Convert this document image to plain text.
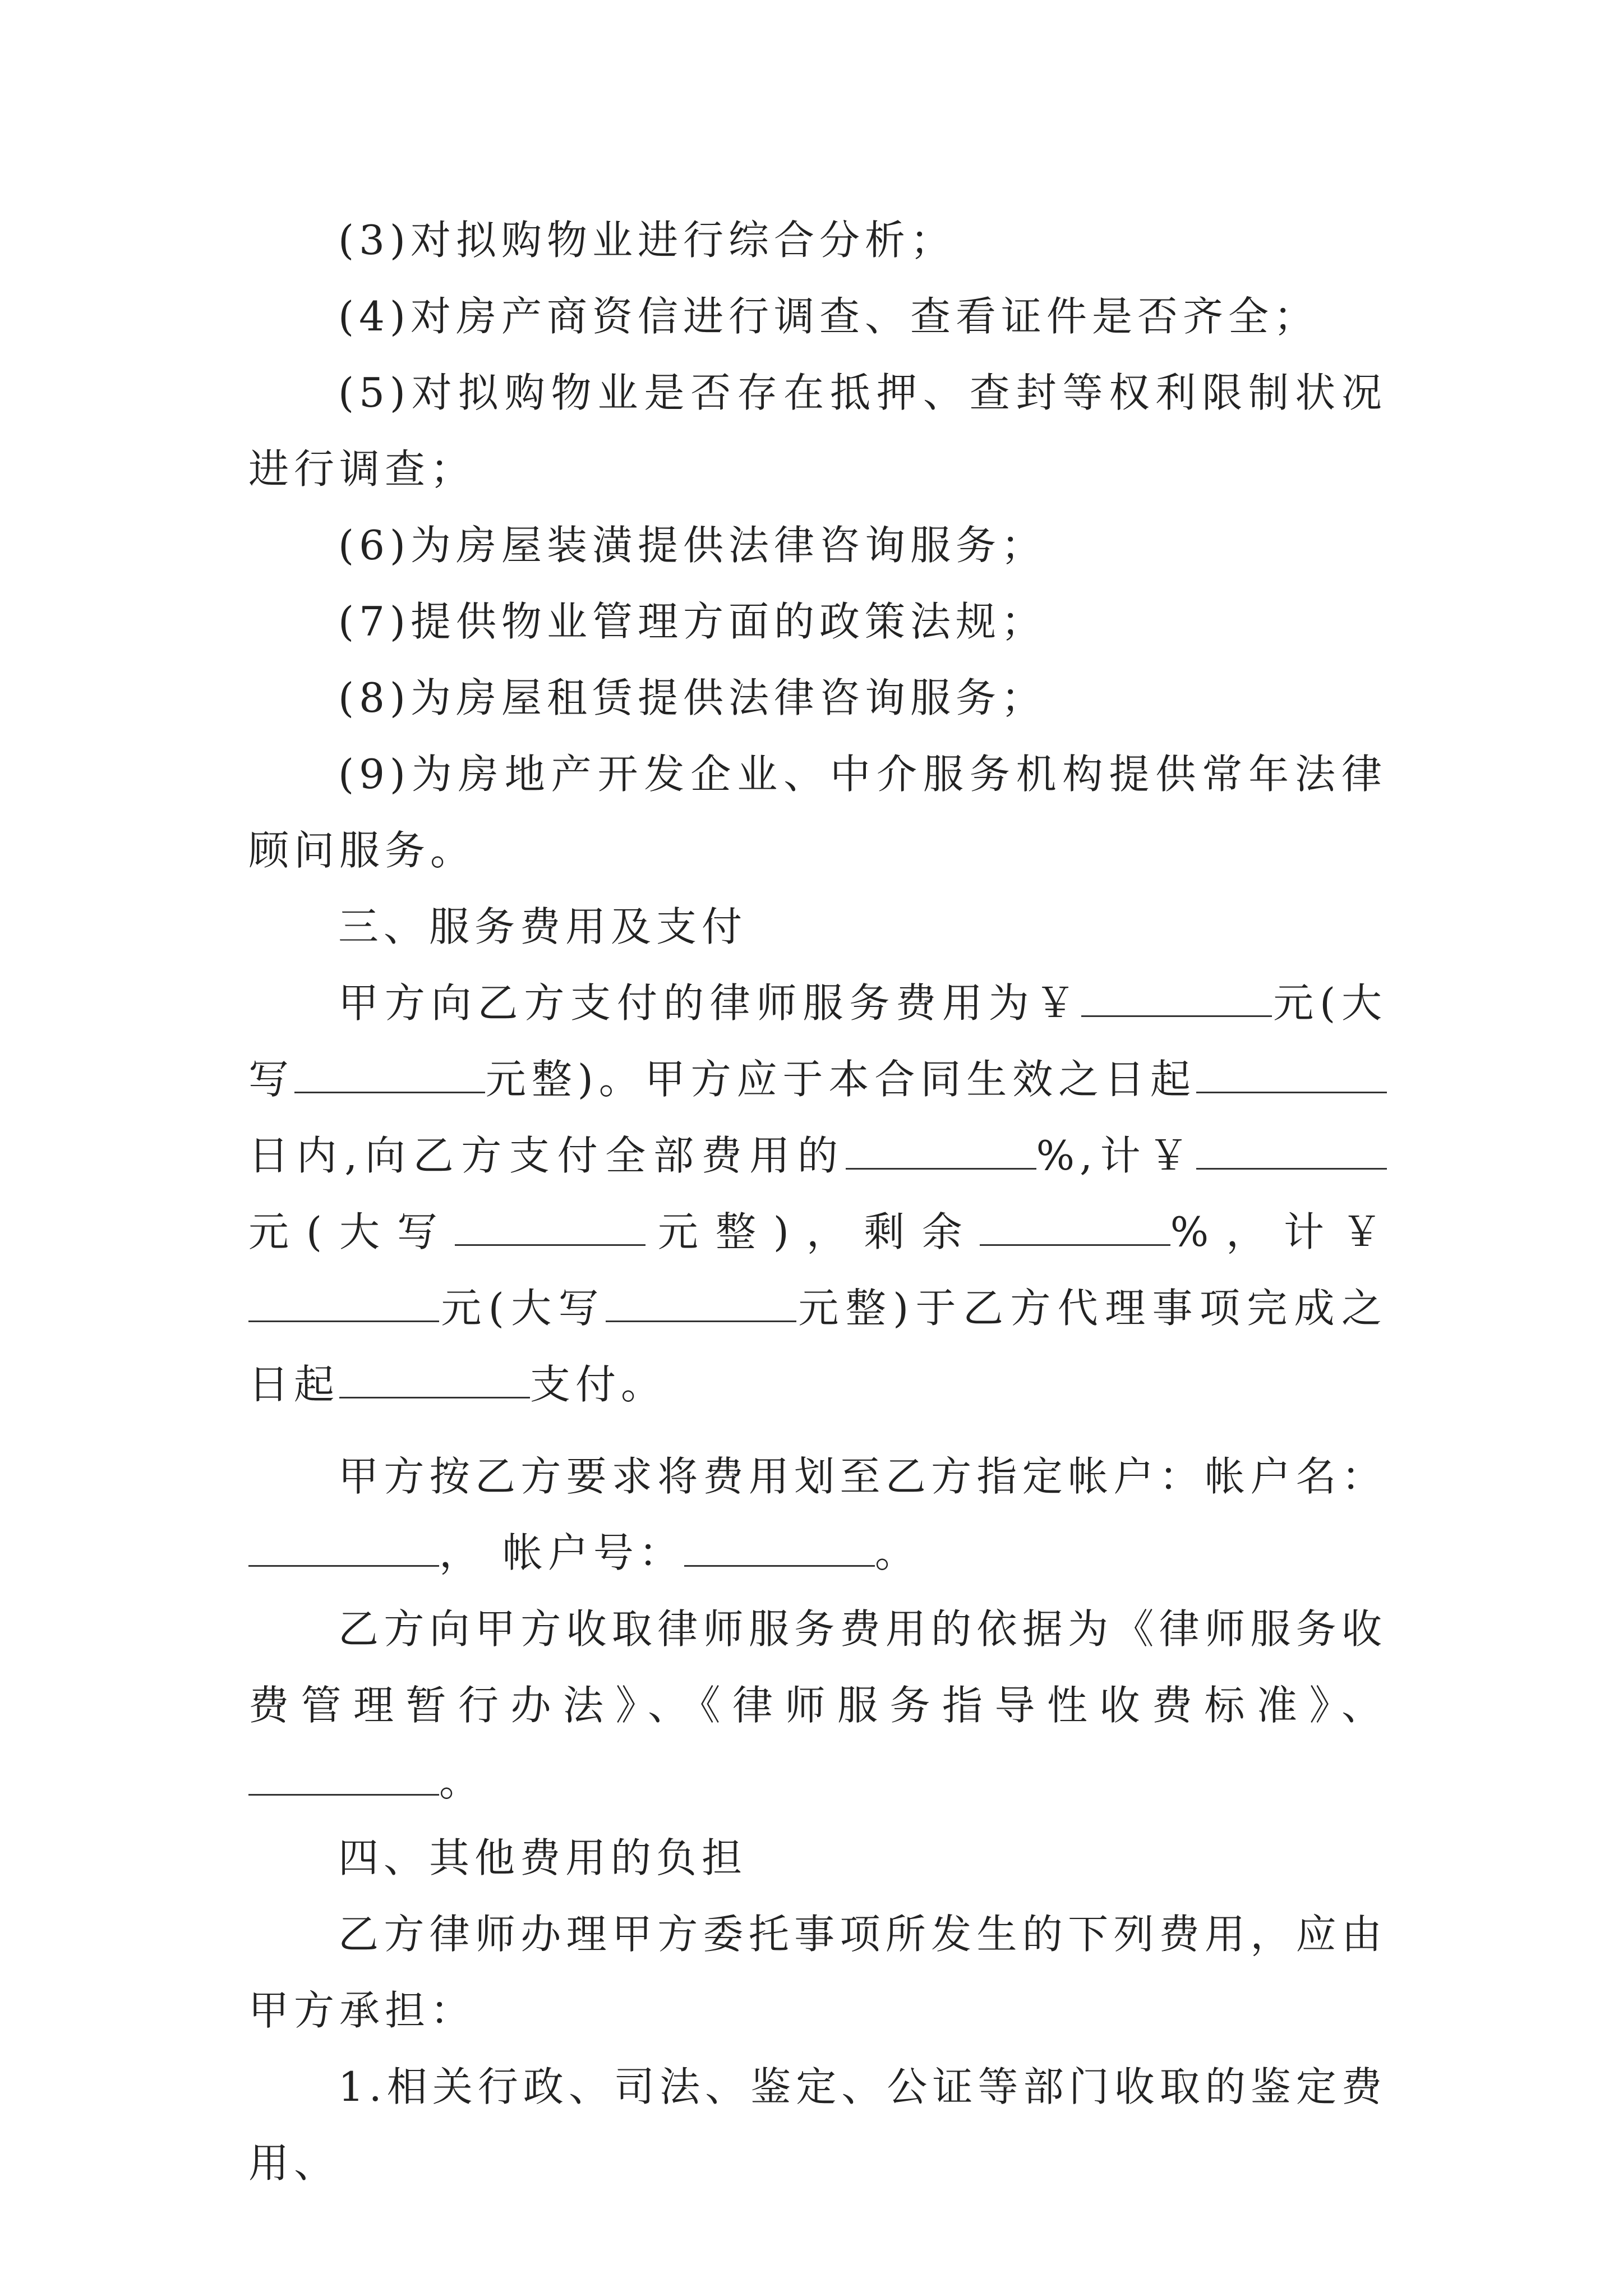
(3)对拟购物业进行综合分析；

(4)对房产商资信进行调查、查看证件是否齐全；

(5)对拟购物业是否存在抵押、查封等权利限制状况进行调查；

(6)为房屋装潢提供法律咨询服务；

(7)提供物业管理方面的政策法规；

(8)为房屋租赁提供法律咨询服务；

(9)为房地产开发企业、中介服务机构提供常年法律顾问服务。

三、服务费用及支付

甲方向乙方支付的律师服务费用为￥	元(大写	元整)。甲方应于本合同生效之日起日内,向乙方支付全部费用的	%,计￥元(大写	元整)，剩余	%，计￥元(大写	元整)于乙方代理事项完成之日起	支付。

甲方按乙方要求将费用划至乙方指定帐户：帐户名：， 帐户号：	。

乙方向甲方收取律师服务费用的依据为《律师服务收费管理暂行办法》、《律师服务指导性收费标准》、。

四、其他费用的负担

乙方律师办理甲方委托事项所发生的下列费用，应由甲方承担：

1.相关行政、司法、鉴定、公证等部门收取的鉴定费用、
